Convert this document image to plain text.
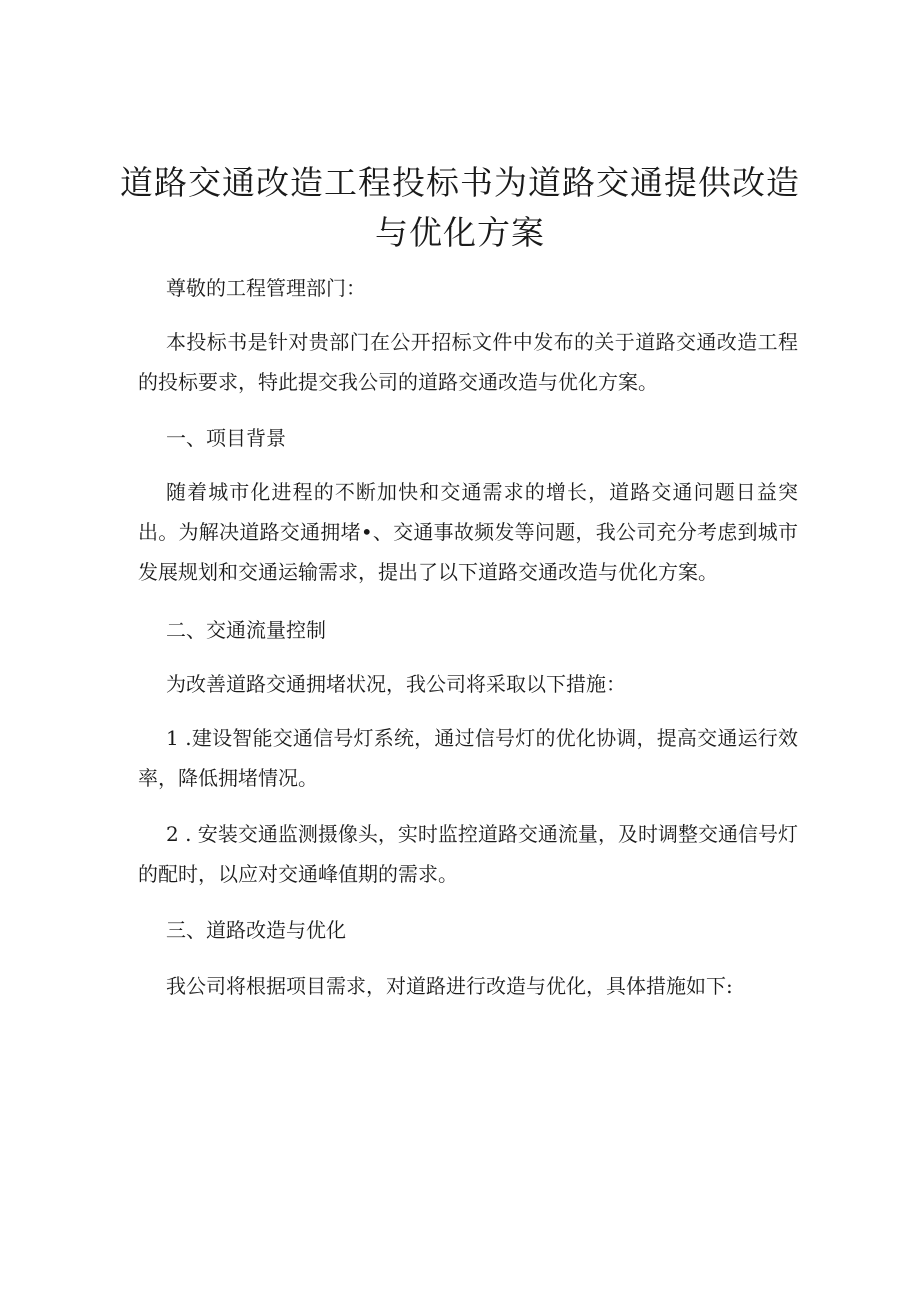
道路交通改造工程投标书为道路交通提供改造与优化方案

尊敬的工程管理部门：

本投标书是针对贵部门在公开招标文件中发布的关于道路交通改造工程的投标要求，特此提交我公司的道路交通改造与优化方案。

一、项目背景

随着城市化进程的不断加快和交通需求的增长，道路交通问题日益突出。为解决道路交通拥堵•、交通事故频发等问题，我公司充分考虑到城市发展规划和交通运输需求，提出了以下道路交通改造与优化方案。

二、交通流量控制

为改善道路交通拥堵状况，我公司将采取以下措施：

1 .建设智能交通信号灯系统，通过信号灯的优化协调，提高交通运行效率，降低拥堵情况。

2 . 安装交通监测摄像头，实时监控道路交通流量，及时调整交通信号灯的配时，以应对交通峰值期的需求。

三、道路改造与优化

我公司将根据项目需求，对道路进行改造与优化，具体措施如下:
